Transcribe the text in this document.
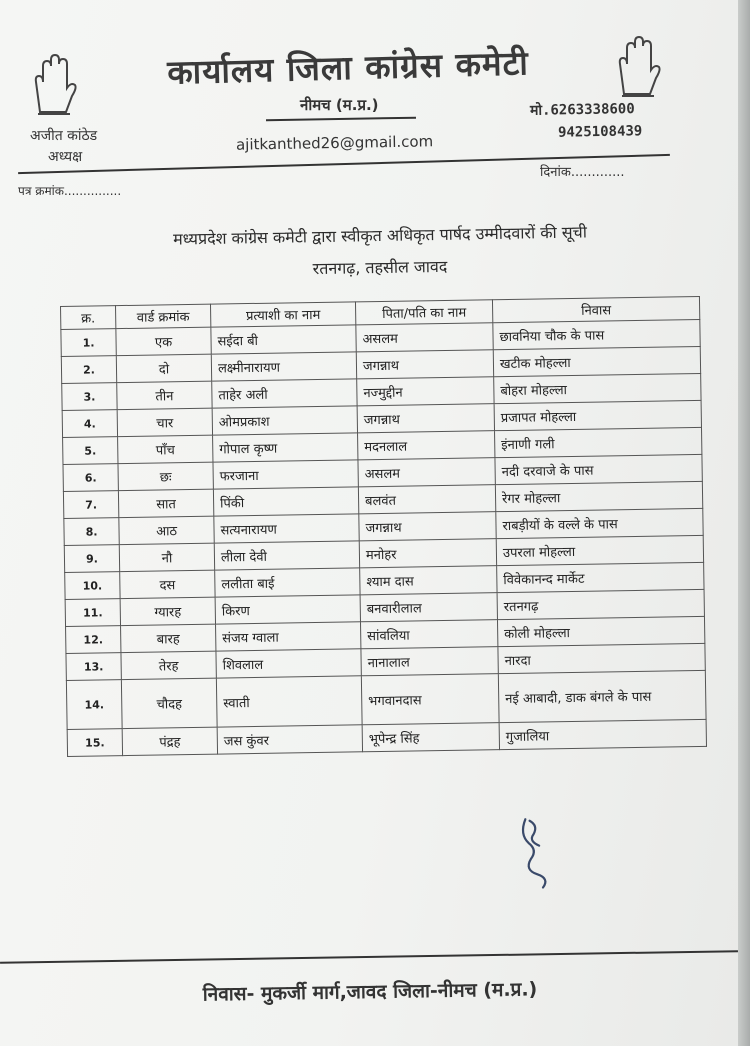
कार्यालय जिला कांग्रेस कमेटी
नीमच (म.प्र.)
अजीत कांठेड
अध्यक्ष
ajitkanthed26@gmail.com
मो.6263338600
9425108439
दिनांक.............
पत्र क्रमांक...............
मध्यप्रदेश कांग्रेस कमेटी द्वारा स्वीकृत अधिकृत पार्षद उम्मीदवारों की सूची
रतनगढ़, तहसील जावद
क्र.	वार्ड क्रमांक	प्रत्याशी का नाम	पिता/पति का नाम	निवास
1.	एक	सईदा बी	असलम	छावनिया चौक के पास
2.	दो	लक्ष्मीनारायण	जगन्नाथ	खटीक मोहल्ला
3.	तीन	ताहेर अली	नज्मुद्दीन	बोहरा मोहल्ला
4.	चार	ओमप्रकाश	जगन्नाथ	प्रजापत मोहल्ला
5.	पाँच	गोपाल कृष्ण	मदनलाल	इंनाणी गली
6.	छः	फरजाना	असलम	नदी दरवाजे के पास
7.	सात	पिंकी	बलवंत	रेगर मोहल्ला
8.	आठ	सत्यनारायण	जगन्नाथ	राबड़ीयों के वल्ले के पास
9.	नौ	लीला देवी	मनोहर	उपरला मोहल्ला
10.	दस	ललीता बाई	श्याम दास	विवेकानन्द मार्केट
11.	ग्यारह	किरण	बनवारीलाल	रतनगढ़
12.	बारह	संजय ग्वाला	सांवलिया	कोली मोहल्ला
13.	तेरह	शिवलाल	नानालाल	नारदा
14.	चौदह	स्वाती	भगवानदास	नई आबादी, डाक बंगले के पास
15.	पंद्रह	जस कुंवर	भूपेन्द्र सिंह	गुजालिया
निवास- मुकर्जी मार्ग,जावद जिला-नीमच (म.प्र.)
